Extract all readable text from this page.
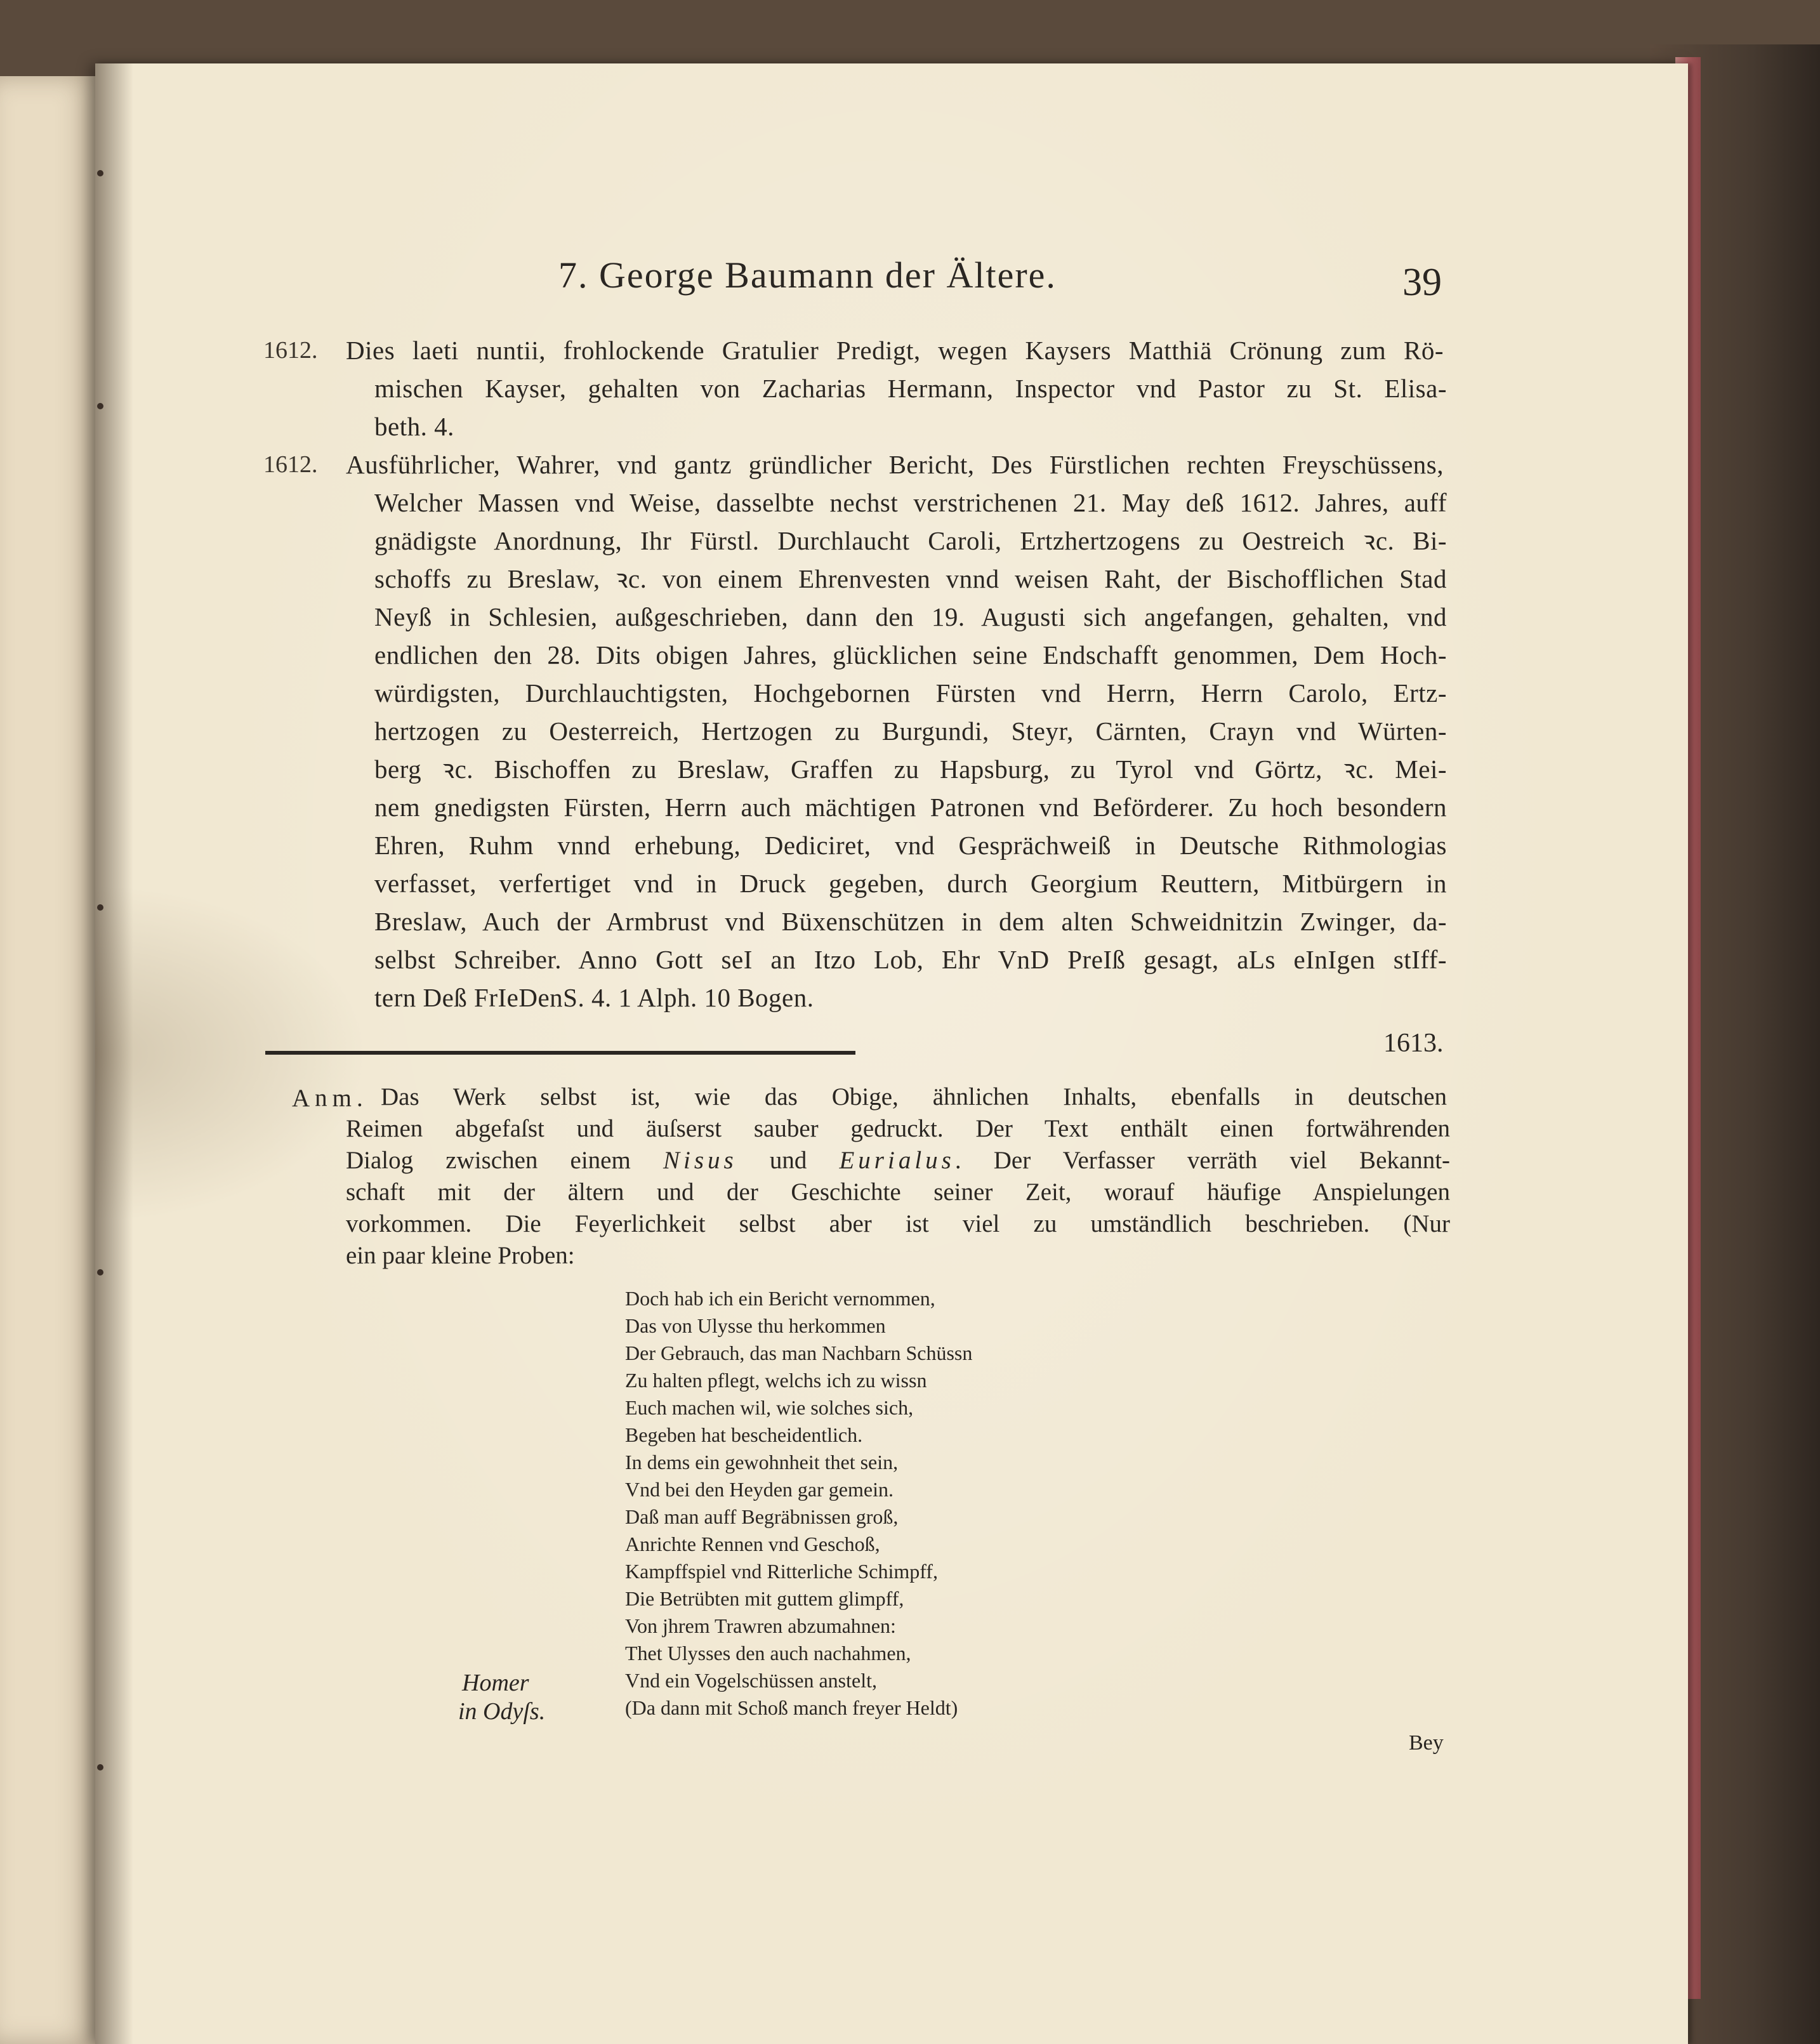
7. George Baumann der Ältere.	39
1612. Dies laeti nuntii, frohlockende Gratulier Predigt, wegen Kaysers Matthiä Crönung zum Rö-
mischen Kayser, gehalten von Zacharias Hermann, Inspector vnd Pastor zu St. Elisa-
beth. 4.
1612. Ausführlicher, Wahrer, vnd gantz gründlicher Bericht, Des Fürstlichen rechten Freyschüssens,
Welcher Massen vnd Weise, dasselbte nechst verstrichenen 21. May deß 1612. Jahres, auff
gnädigste Anordnung, Ihr Fürstl. Durchlaucht Caroli, Ertzhertzogens zu Oestreich ꝛc. Bi-
schoffs zu Breslaw, ꝛc. von einem Ehrenvesten vnnd weisen Raht, der Bischofflichen Stad
Neyß in Schlesien, außgeschrieben, dann den 19. Augusti sich angefangen, gehalten, vnd
endlichen den 28. Dits obigen Jahres, glücklichen seine Endschafft genommen, Dem Hoch-
würdigsten, Durchlauchtigsten, Hochgebornen Fürsten vnd Herrn, Herrn Carolo, Ertz-
hertzogen zu Oesterreich, Hertzogen zu Burgundi, Steyr, Cärnten, Crayn vnd Würten-
berg ꝛc. Bischoffen zu Breslaw, Graffen zu Hapsburg, zu Tyrol vnd Görtz, ꝛc. Mei-
nem gnedigsten Fürsten, Herrn auch mächtigen Patronen vnd Beförderer. Zu hoch besondern
Ehren, Ruhm vnnd erhebung, Dediciret, vnd Gesprächweiß in Deutsche Rithmologias
verfasset, verfertiget vnd in Druck gegeben, durch Georgium Reuttern, Mitbürgern in
Breslaw, Auch der Armbrust vnd Büxenschützen in dem alten Schweidnitzin Zwinger, da-
selbst Schreiber. Anno Gott seI an Itzo Lob, Ehr VnD PreIß gesagt, aLs eInIgen stIff-
tern Deß FrIeDenS. 4. 1 Alph. 10 Bogen.
1613.
Anm. Das Werk selbst ist, wie das Obige, ähnlichen Inhalts, ebenfalls in deutschen
Reimen abgefaſst und äuſserst sauber gedruckt. Der Text enthält einen fortwährenden
Dialog zwischen einem Nisus und Eurialus. Der Verfasser verräth viel Bekannt-
schaft mit der ältern und der Geschichte seiner Zeit, worauf häufige Anspielungen
vorkommen. Die Feyerlichkeit selbst aber ist viel zu umständlich beschrieben. (Nur
ein paar kleine Proben:
Doch hab ich ein Bericht vernommen,
Das von Ulysse thu herkommen
Der Gebrauch, das man Nachbarn Schüssn
Zu halten pflegt, welchs ich zu wissn
Euch machen wil, wie solches sich,
Begeben hat bescheidentlich.
In dems ein gewohnheit thet sein,
Vnd bei den Heyden gar gemein.
Daß man auff Begräbnissen groß,
Anrichte Rennen vnd Geschoß,
Kampffspiel vnd Ritterliche Schimpff,
Die Betrübten mit guttem glimpff,
Von jhrem Trawren abzumahnen:
Thet Ulysses den auch nachahmen,
Vnd ein Vogelschüssen anstelt,
(Da dann mit Schoß manch freyer Heldt)
Homer
in Odyſs.
Bey
